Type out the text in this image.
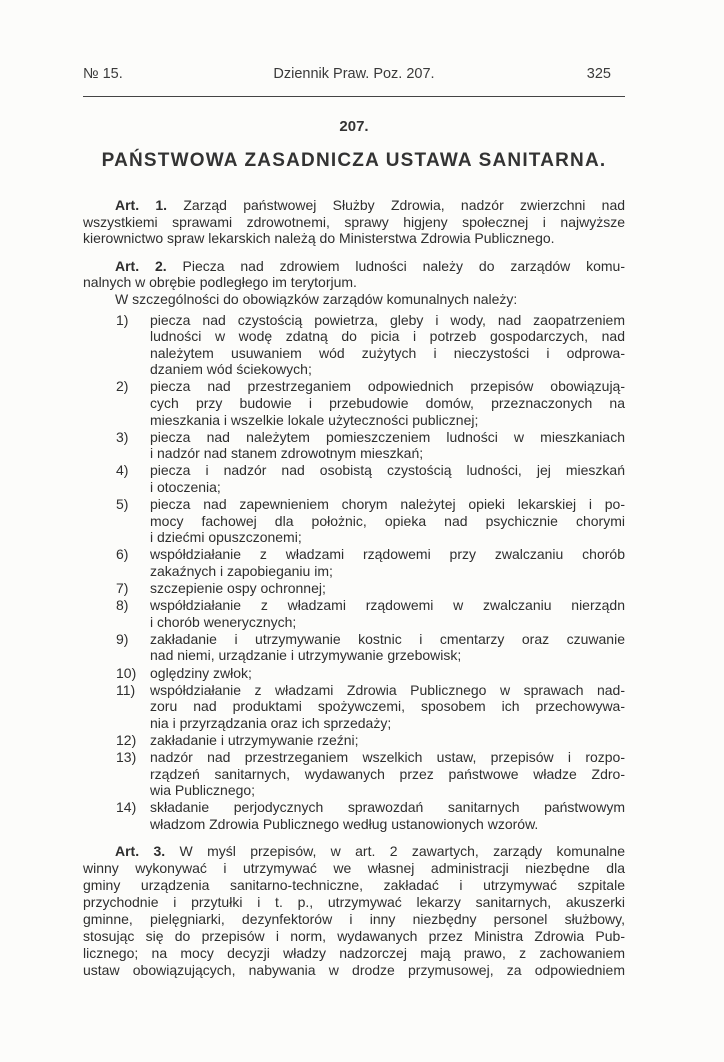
№ 15.	Dziennik Praw. Poz. 207.	325
207.
PAŃSTWOWA ZASADNICZA USTAWA SANITARNA.
Art. 1. Zarząd państwowej Służby Zdrowia, nadzór zwierzchni nad
wszystkiemi sprawami zdrowotnemi, sprawy higjeny społecznej i najwyższe
kierownictwo spraw lekarskich należą do Ministerstwa Zdrowia Publicznego.
Art. 2. Piecza nad zdrowiem ludności należy do zarządów komu-
nalnych w obrębie podległego im terytorjum.
W szczególności do obowiązków zarządów komunalnych należy:
1) piecza nad czystością powietrza, gleby i wody, nad zaopatrzeniem
ludności w wodę zdatną do picia i potrzeb gospodarczych, nad
należytem usuwaniem wód zużytych i nieczystości i odprowa-
dzaniem wód ściekowych;
2) piecza nad przestrzeganiem odpowiednich przepisów obowiązują-
cych przy budowie i przebudowie domów, przeznaczonych na
mieszkania i wszelkie lokale użyteczności publicznej;
3) piecza nad należytem pomieszczeniem ludności w mieszkaniach
i nadzór nad stanem zdrowotnym mieszkań;
4) piecza i nadzór nad osobistą czystością ludności, jej mieszkań
i otoczenia;
5) piecza nad zapewnieniem chorym należytej opieki lekarskiej i po-
mocy fachowej dla położnic, opieka nad psychicznie chorymi
i dziećmi opuszczonemi;
6) współdziałanie z władzami rządowemi przy zwalczaniu chorób
zakaźnych i zapobieganiu im;
7) szczepienie ospy ochronnej;
8) współdziałanie z władzami rządowemi w zwalczaniu nierządn
i chorób wenerycznych;
9) zakładanie i utrzymywanie kostnic i cmentarzy oraz czuwanie
nad niemi, urządzanie i utrzymywanie grzebowisk;
10) oględziny zwłok;
11) współdziałanie z władzami Zdrowia Publicznego w sprawach nad-
zoru nad produktami spożywczemi, sposobem ich przechowywa-
nia i przyrządzania oraz ich sprzedaży;
12) zakładanie i utrzymywanie rzeźni;
13) nadzór nad przestrzeganiem wszelkich ustaw, przepisów i rozpo-
rządzeń sanitarnych, wydawanych przez państwowe władze Zdro-
wia Publicznego;
14) składanie perjodycznych sprawozdań sanitarnych państwowym
władzom Zdrowia Publicznego według ustanowionych wzorów.
Art. 3. W myśl przepisów, w art. 2 zawartych, zarządy komunalne
winny wykonywać i utrzymywać we własnej administracji niezbędne dla
gminy urządzenia sanitarno-techniczne, zakładać i utrzymywać szpitale
przychodnie i przytułki i t. p., utrzymywać lekarzy sanitarnych, akuszerki
gminne, pielęgniarki, dezynfektorów i inny niezbędny personel służbowy,
stosując się do przepisów i norm, wydawanych przez Ministra Zdrowia Pub-
licznego; na mocy decyzji władzy nadzorczej mają prawo, z zachowaniem
ustaw obowiązujących, nabywania w drodze przymusowej, za odpowiedniem
